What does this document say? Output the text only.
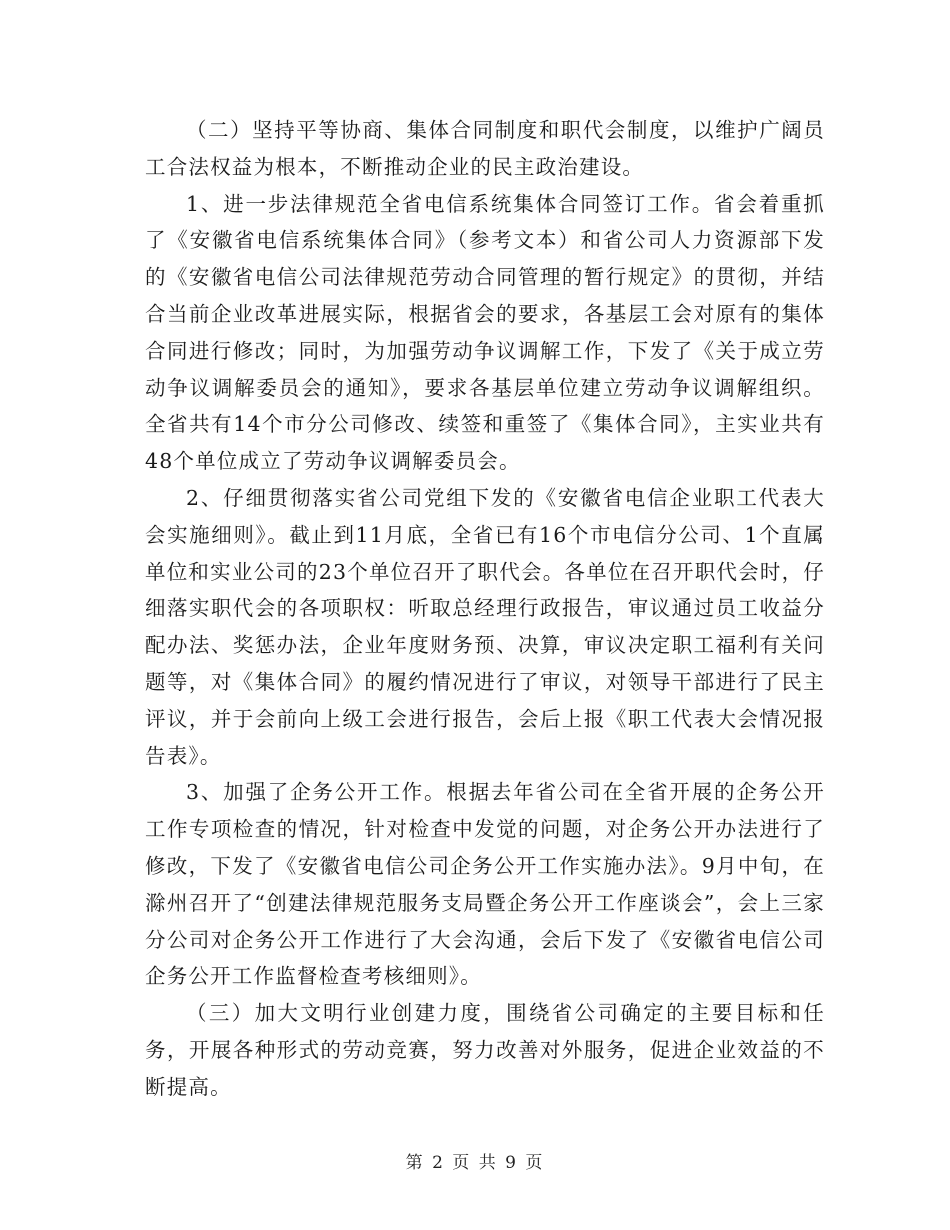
（二）坚持平等协商、集体合同制度和职代会制度，以维护广阔员工合法权益为根本，不断推动企业的民主政治建设。

1、进一步法律规范全省电信系统集体合同签订工作。省会着重抓了《安徽省电信系统集体合同》（参考文本）和省公司人力资源部下发的《安徽省电信公司法律规范劳动合同管理的暂行规定》的贯彻，并结合当前企业改革进展实际，根据省会的要求，各基层工会对原有的集体合同进行修改；同时，为加强劳动争议调解工作，下发了《关于成立劳动争议调解委员会的通知》，要求各基层单位建立劳动争议调解组织。全省共有14个市分公司修改、续签和重签了《集体合同》，主实业共有48个单位成立了劳动争议调解委员会。

2、仔细贯彻落实省公司党组下发的《安徽省电信企业职工代表大会实施细则》。截止到11月底，全省已有16个市电信分公司、1个直属单位和实业公司的23个单位召开了职代会。各单位在召开职代会时，仔细落实职代会的各项职权：听取总经理行政报告，审议通过员工收益分配办法、奖惩办法，企业年度财务预、决算，审议决定职工福利有关问题等，对《集体合同》的履约情况进行了审议，对领导干部进行了民主评议，并于会前向上级工会进行报告，会后上报《职工代表大会情况报告表》。

3、加强了企务公开工作。根据去年省公司在全省开展的企务公开工作专项检查的情况，针对检查中发觉的问题，对企务公开办法进行了修改，下发了《安徽省电信公司企务公开工作实施办法》。9月中旬，在滁州召开了“创建法律规范服务支局暨企务公开工作座谈会”，会上三家分公司对企务公开工作进行了大会沟通，会后下发了《安徽省电信公司企务公开工作监督检查考核细则》。

（三）加大文明行业创建力度，围绕省公司确定的主要目标和任务，开展各种形式的劳动竞赛，努力改善对外服务，促进企业效益的不断提高。

第 2 页 共 9 页
